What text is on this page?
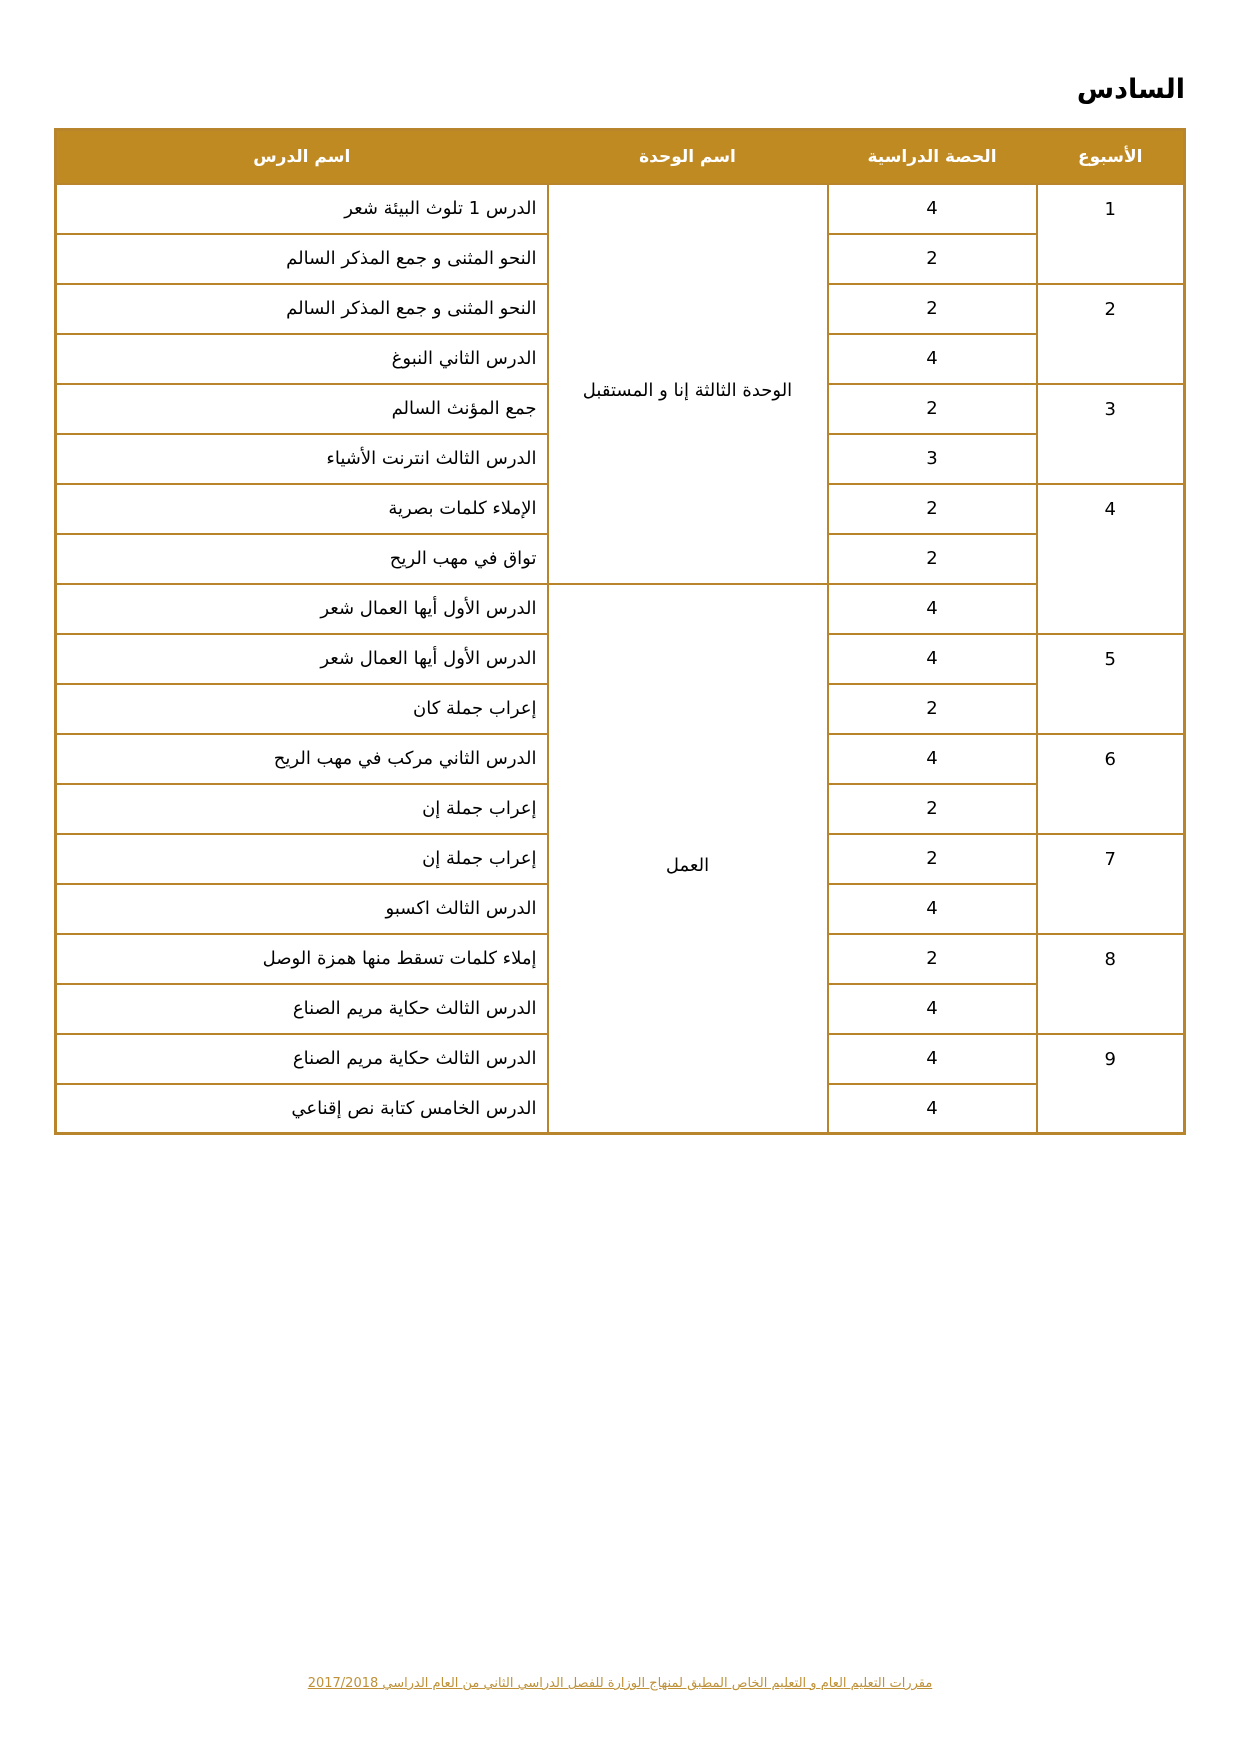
السادس
الأسبوع	الحصة الدراسية	اسم الوحدة	اسم الدرس
1	4	الوحدة الثالثة إنا و المستقبل	الدرس 1 تلوث البيئة شعر
	2		النحو المثنى و جمع المذكر السالم
2	2		النحو المثنى و جمع المذكر السالم
	4		الدرس الثاني النبوغ
3	2		جمع المؤنث السالم
	3		الدرس الثالث انترنت الأشياء
4	2		الإملاء كلمات بصرية
	2		تواق في مهب الريح
	4	العمل	الدرس الأول أيها العمال شعر
5	4		الدرس الأول أيها العمال شعر
	2		إعراب جملة كان
6	4		الدرس الثاني مركب في مهب الريح
	2		إعراب جملة إن
7	2		إعراب جملة إن
	4		الدرس الثالث اكسبو
8	2		إملاء كلمات تسقط منها همزة الوصل
	4		الدرس الثالث حكاية مريم الصناع
9	4		الدرس الثالث حكاية مريم الصناع
	4		الدرس الخامس كتابة نص إقناعي
مقررات التعليم العام و التعليم الخاص المطبق لمنهاج الوزارة للفصل الدراسي الثاني من العام الدراسي 2017/2018
